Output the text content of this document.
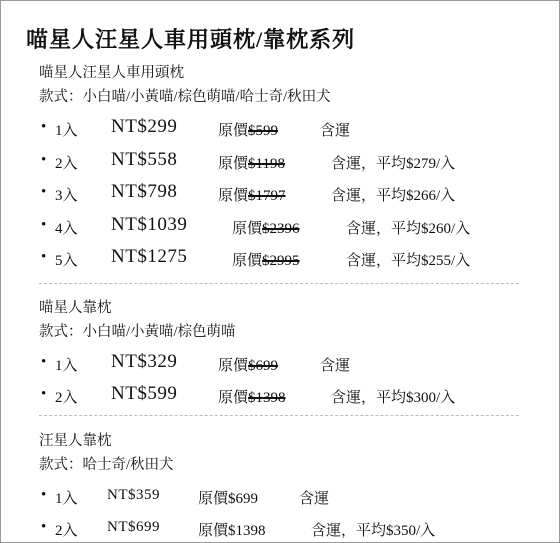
喵星人汪星人車用頭枕/靠枕系列
喵星人汪星人車用頭枕
款式：小白喵/小黃喵/棕色萌喵/哈士奇/秋田犬
• 1入 NT$299	原價$599	含運
• 2入 NT$558	原價$1198	含運，平均$279/入
• 3入 NT$798	原價$1797	含運，平均$266/入
• 4入 NT$1039	原價$2396	含運，平均$260/入
• 5入 NT$1275	原價$2995	含運，平均$255/入
喵星人靠枕
款式：小白喵/小黃喵/棕色萌喵
• 1入 NT$329	原價$699	含運
• 2入 NT$599	原價$1398	含運，平均$300/入
汪星人靠枕
款式：哈士奇/秋田犬
• 1入 NT$359	原價$699	含運
• 2入 NT$699	原價$1398	含運，平均$350/入
